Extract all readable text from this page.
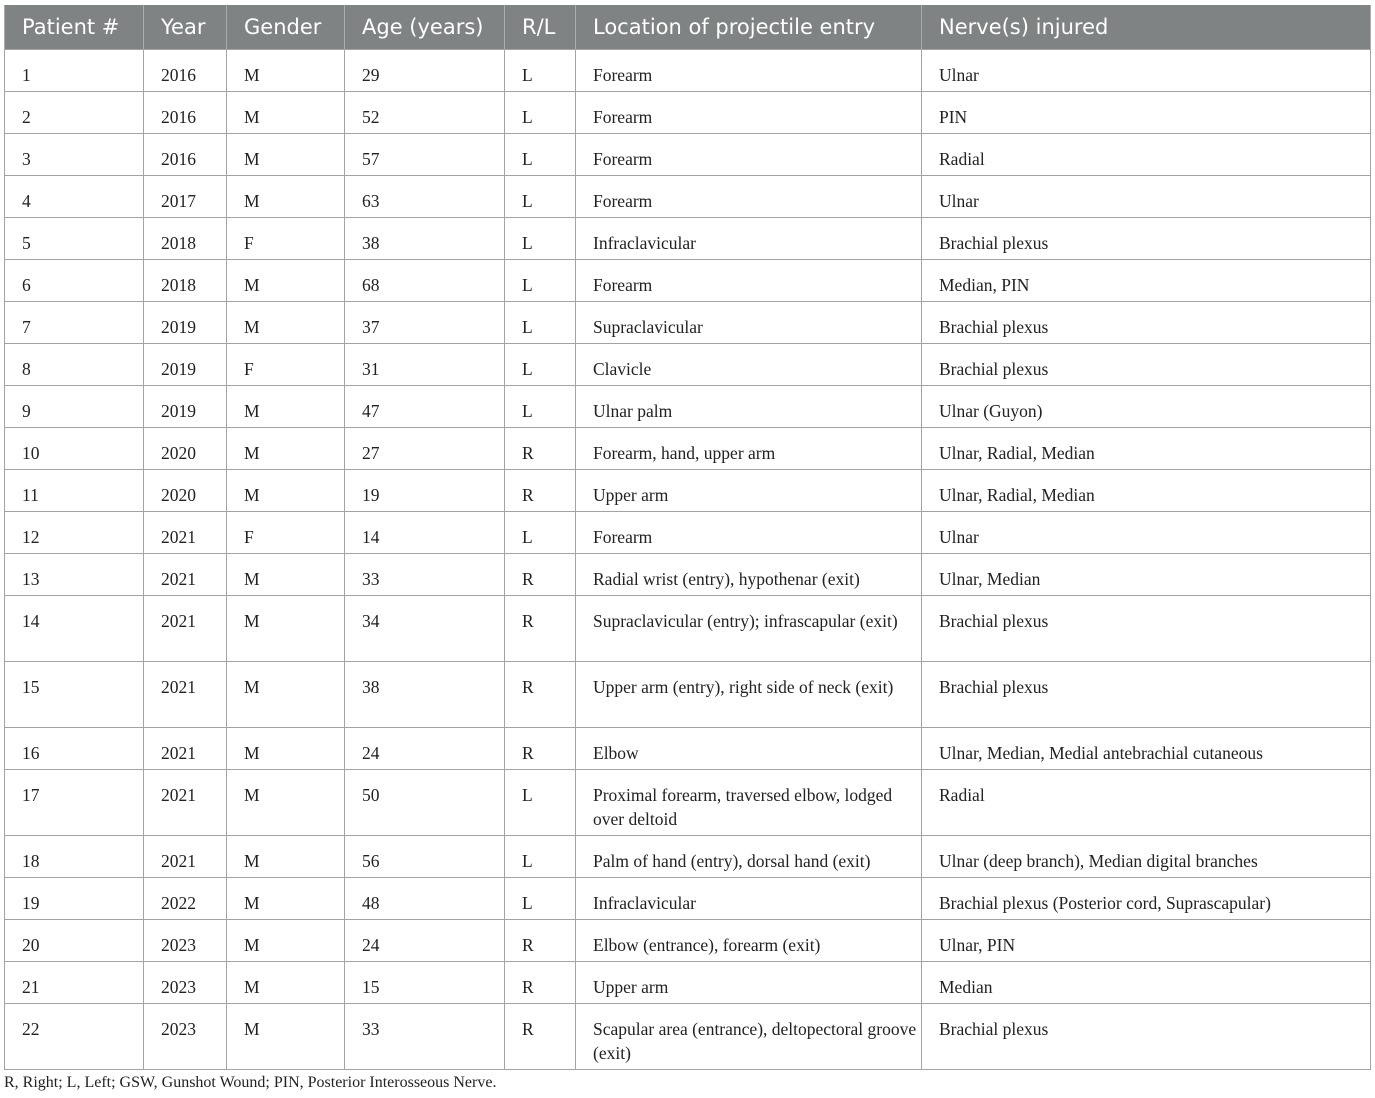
Patient #	Year	Gender	Age (years)	R/L	Location of projectile entry	Nerve(s) injured
1	2016	M	29	L	Forearm	Ulnar
2	2016	M	52	L	Forearm	PIN
3	2016	M	57	L	Forearm	Radial
4	2017	M	63	L	Forearm	Ulnar
5	2018	F	38	L	Infraclavicular	Brachial plexus
6	2018	M	68	L	Forearm	Median, PIN
7	2019	M	37	L	Supraclavicular	Brachial plexus
8	2019	F	31	L	Clavicle	Brachial plexus
9	2019	M	47	L	Ulnar palm	Ulnar (Guyon)
10	2020	M	27	R	Forearm, hand, upper arm	Ulnar, Radial, Median
11	2020	M	19	R	Upper arm	Ulnar, Radial, Median
12	2021	F	14	L	Forearm	Ulnar
13	2021	M	33	R	Radial wrist (entry), hypothenar (exit)	Ulnar, Median
14	2021	M	34	R	Supraclavicular (entry); infrascapular (exit)	Brachial plexus
15	2021	M	38	R	Upper arm (entry), right side of neck (exit)	Brachial plexus
16	2021	M	24	R	Elbow	Ulnar, Median, Medial antebrachial cutaneous
17	2021	M	50	L	Proximal forearm, traversed elbow, lodged over deltoid	Radial
18	2021	M	56	L	Palm of hand (entry), dorsal hand (exit)	Ulnar (deep branch), Median digital branches
19	2022	M	48	L	Infraclavicular	Brachial plexus (Posterior cord, Suprascapular)
20	2023	M	24	R	Elbow (entrance), forearm (exit)	Ulnar, PIN
21	2023	M	15	R	Upper arm	Median
22	2023	M	33	R	Scapular area (entrance), deltopectoral groove (exit)	Brachial plexus
R, Right; L, Left; GSW, Gunshot Wound; PIN, Posterior Interosseous Nerve.
